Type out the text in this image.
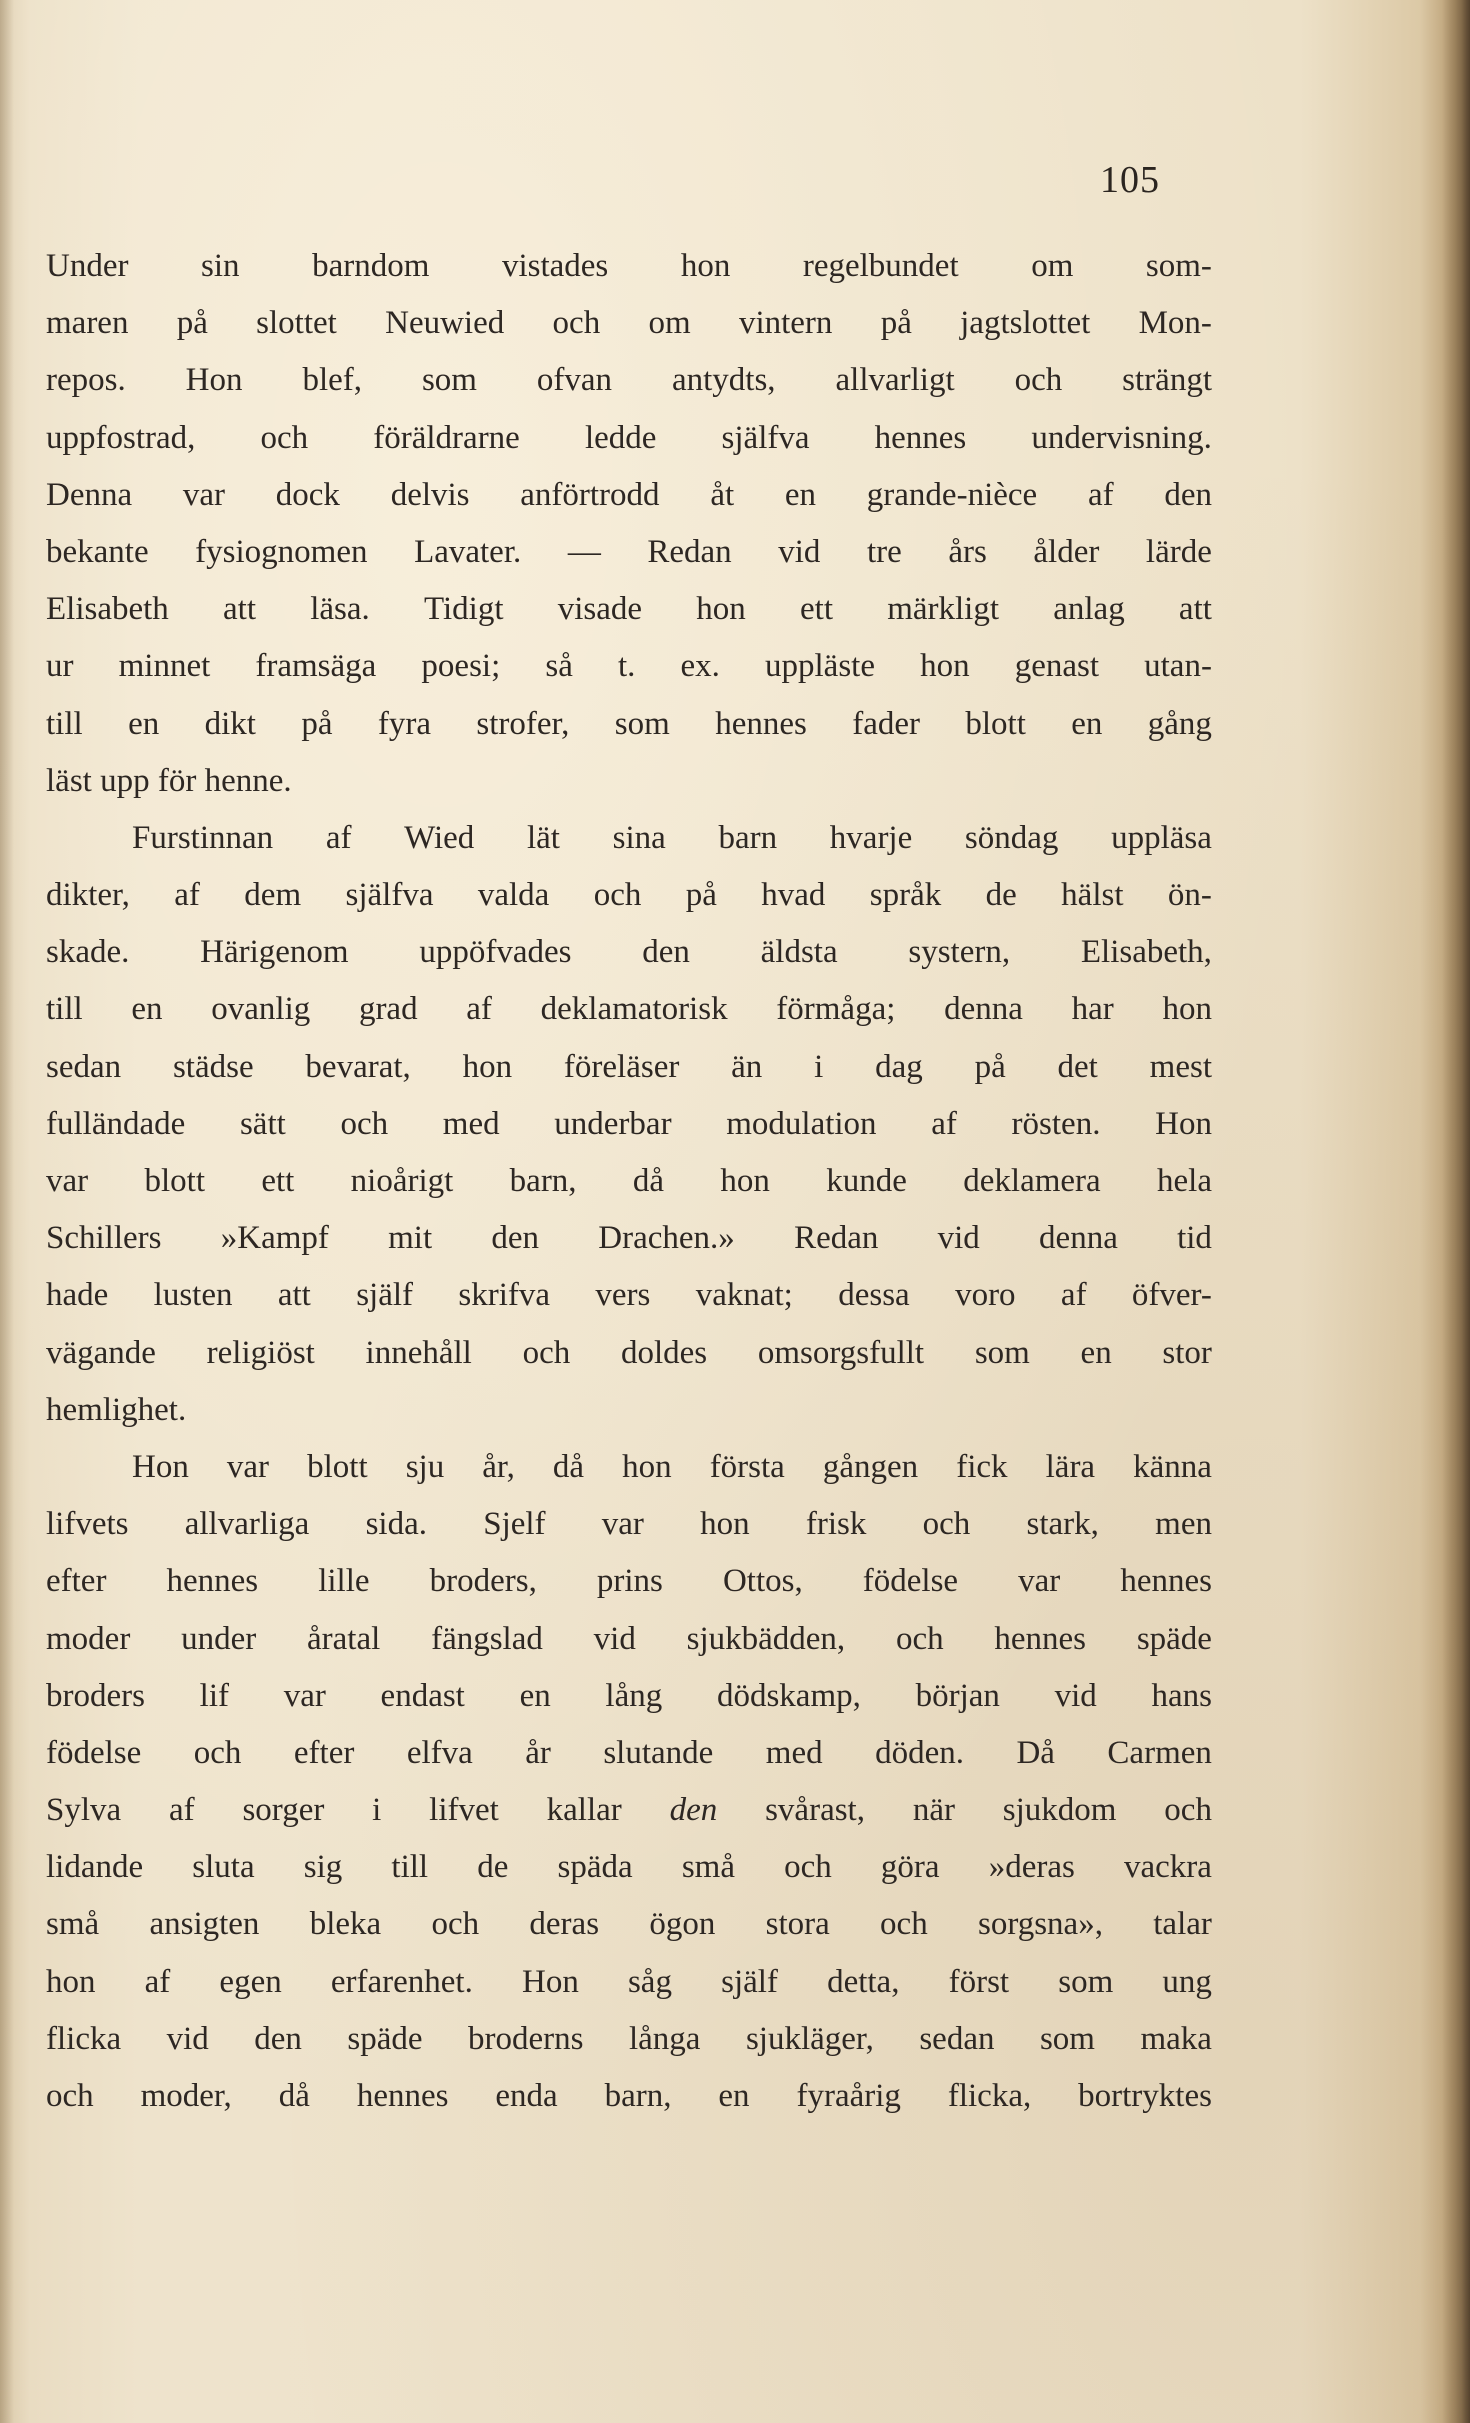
105
Under sin barndom vistades hon regelbundet om som-
maren på slottet Neuwied och om vintern på jagtslottet Mon-
repos. Hon blef, som ofvan antydts, allvarligt och strängt
uppfostrad, och föräldrarne ledde själfva hennes undervisning.
Denna var dock delvis anförtrodd åt en grande-nièce af den
bekante fysiognomen Lavater. — Redan vid tre års ålder lärde
Elisabeth att läsa. Tidigt visade hon ett märkligt anlag att
ur minnet framsäga poesi; så t. ex. uppläste hon genast utan-
till en dikt på fyra strofer, som hennes fader blott en gång
läst upp för henne.
Furstinnan af Wied lät sina barn hvarje söndag uppläsa
dikter, af dem själfva valda och på hvad språk de hälst ön-
skade. Härigenom uppöfvades den äldsta systern, Elisabeth,
till en ovanlig grad af deklamatorisk förmåga; denna har hon
sedan städse bevarat, hon föreläser än i dag på det mest
fulländade sätt och med underbar modulation af rösten. Hon
var blott ett nioårigt barn, då hon kunde deklamera hela
Schillers »Kampf mit den Drachen.» Redan vid denna tid
hade lusten att själf skrifva vers vaknat; dessa voro af öfver-
vägande religiöst innehåll och doldes omsorgsfullt som en stor
hemlighet.
Hon var blott sju år, då hon första gången fick lära känna
lifvets allvarliga sida. Sjelf var hon frisk och stark, men
efter hennes lille broders, prins Ottos, födelse var hennes
moder under åratal fängslad vid sjukbädden, och hennes späde
broders lif var endast en lång dödskamp, början vid hans
födelse och efter elfva år slutande med döden. Då Carmen
Sylva af sorger i lifvet kallar den svårast, när sjukdom och
lidande sluta sig till de späda små och göra »deras vackra
små ansigten bleka och deras ögon stora och sorgsna», talar
hon af egen erfarenhet. Hon såg själf detta, först som ung
flicka vid den späde broderns långa sjukläger, sedan som maka
och moder, då hennes enda barn, en fyraårig flicka, bortryktes
